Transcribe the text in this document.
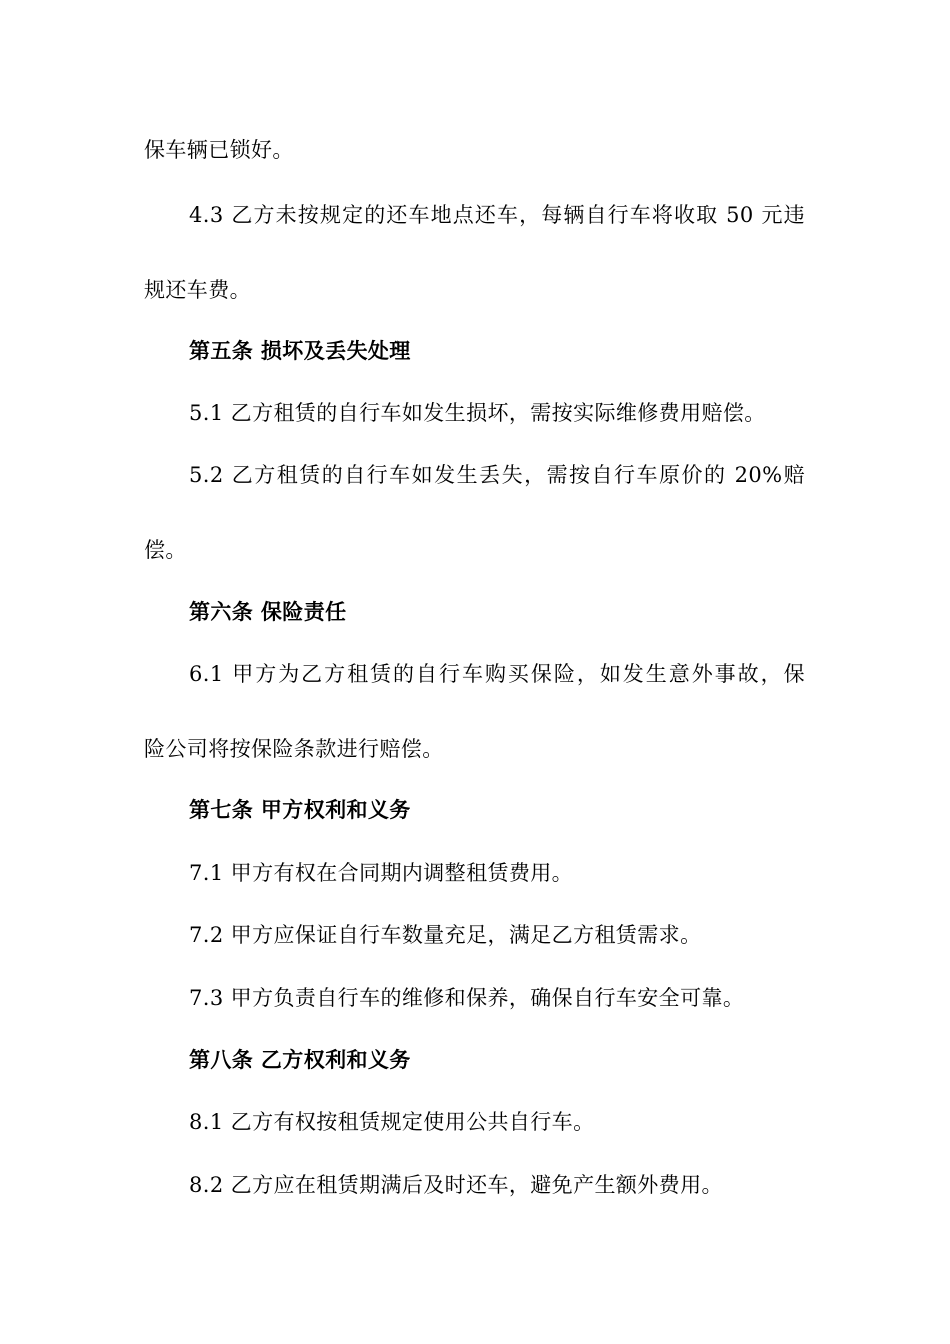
保车辆已锁好。
4.3 乙方未按规定的还车地点还车，每辆自行车将收取 50 元违
规还车费。
第五条 损坏及丢失处理
5.1 乙方租赁的自行车如发生损坏，需按实际维修费用赔偿。
5.2 乙方租赁的自行车如发生丢失，需按自行车原价的 20%赔
偿。
第六条 保险责任
6.1 甲方为乙方租赁的自行车购买保险，如发生意外事故，保
险公司将按保险条款进行赔偿。
第七条 甲方权利和义务
7.1 甲方有权在合同期内调整租赁费用。
7.2 甲方应保证自行车数量充足，满足乙方租赁需求。
7.3 甲方负责自行车的维修和保养，确保自行车安全可靠。
第八条 乙方权利和义务
8.1 乙方有权按租赁规定使用公共自行车。
8.2 乙方应在租赁期满后及时还车，避免产生额外费用。
